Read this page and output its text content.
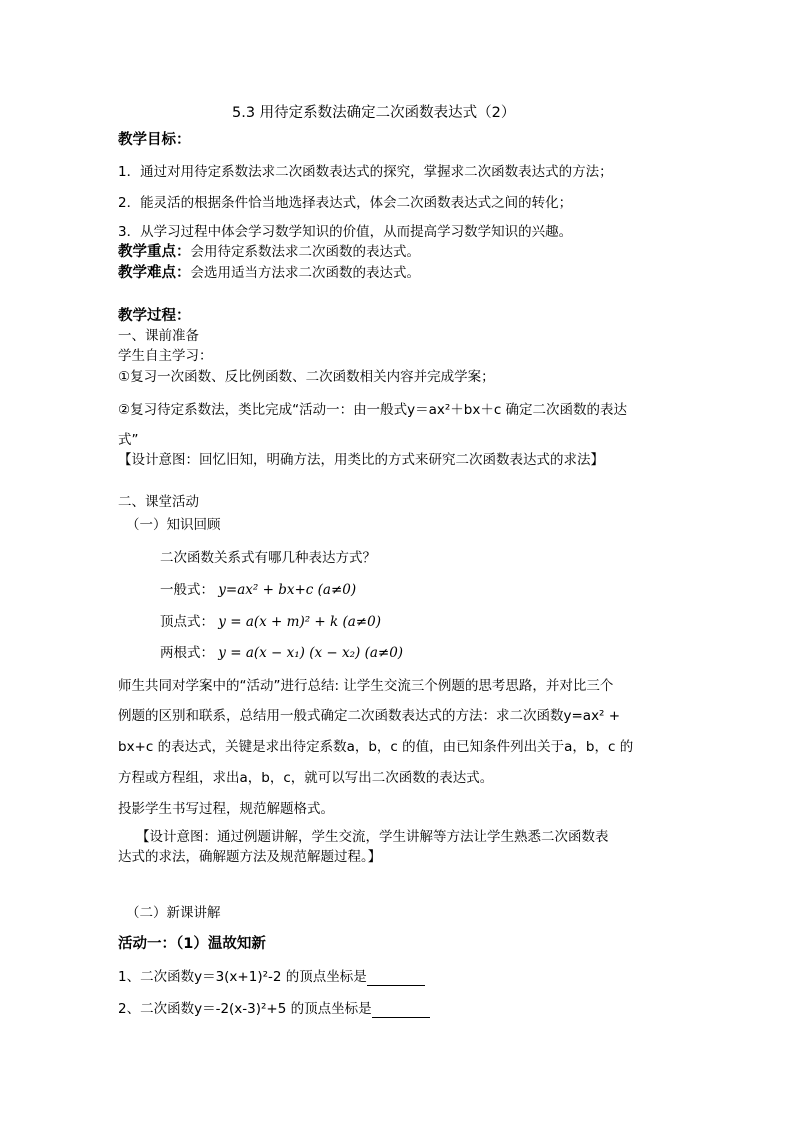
5.3 用待定系数法确定二次函数表达式（2）
教学目标：
1．通过对用待定系数法求二次函数表达式的探究，掌握求二次函数表达式的方法；
2．能灵活的根据条件恰当地选择表达式，体会二次函数表达式之间的转化；
3．从学习过程中体会学习数学知识的价值，从而提高学习数学知识的兴趣。
教学重点：会用待定系数法求二次函数的表达式。
教学难点：会选用适当方法求二次函数的表达式。
教学过程：
一、课前准备
学生自主学习：
①复习一次函数、反比例函数、二次函数相关内容并完成学案；
②复习待定系数法，类比完成“活动一：由一般式y＝ax²＋bx＋c 确定二次函数的表达
式”
【设计意图：回忆旧知，明确方法，用类比的方式来研究二次函数表达式的求法】
二、课堂活动
（一）知识回顾
二次函数关系式有哪几种表达方式？
一般式： y=ax² + bx+c (a≠0)
顶点式： y = a(x + m)² + k (a≠0)
两根式： y = a(x − x₁) (x − x₂) (a≠0)
师生共同对学案中的“活动”进行总结: 让学生交流三个例题的思考思路，并对比三个
例题的区别和联系，总结用一般式确定二次函数表达式的方法：求二次函数y=ax² +
bx+c 的表达式，关键是求出待定系数a，b，c 的值，由已知条件列出关于a，b，c 的
方程或方程组，求出a，b，c，就可以写出二次函数的表达式。
投影学生书写过程，规范解题格式。
【设计意图：通过例题讲解，学生交流，学生讲解等方法让学生熟悉二次函数表
达式的求法，确解题方法及规范解题过程。】
（二）新课讲解
活动一：（1）温故知新
1、二次函数y＝3(x+1)²-2 的顶点坐标是
2、二次函数y＝-2(x-3)²+5 的顶点坐标是
